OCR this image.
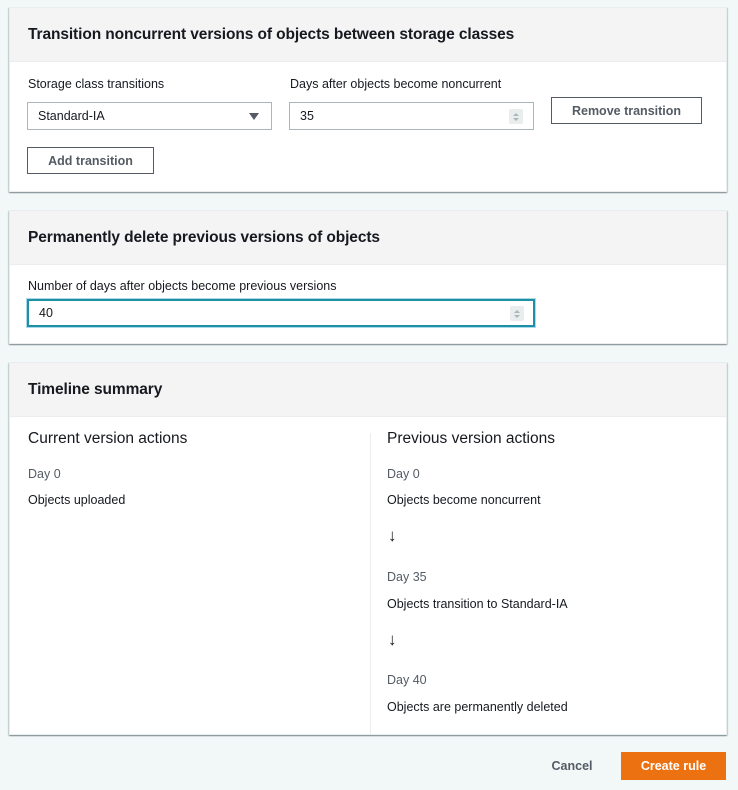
Transition noncurrent versions of objects between storage classes
Storage class transitions	Days after objects become noncurrent
Standard-IA	35	Remove transition
Add transition
Permanently delete previous versions of objects
Number of days after objects become previous versions
40
Timeline summary
Current version actions
Day 0
Objects uploaded
Previous version actions
Day 0
Objects become noncurrent
↓
Day 35
Objects transition to Standard-IA
↓
Day 40
Objects are permanently deleted
Cancel	Create rule
